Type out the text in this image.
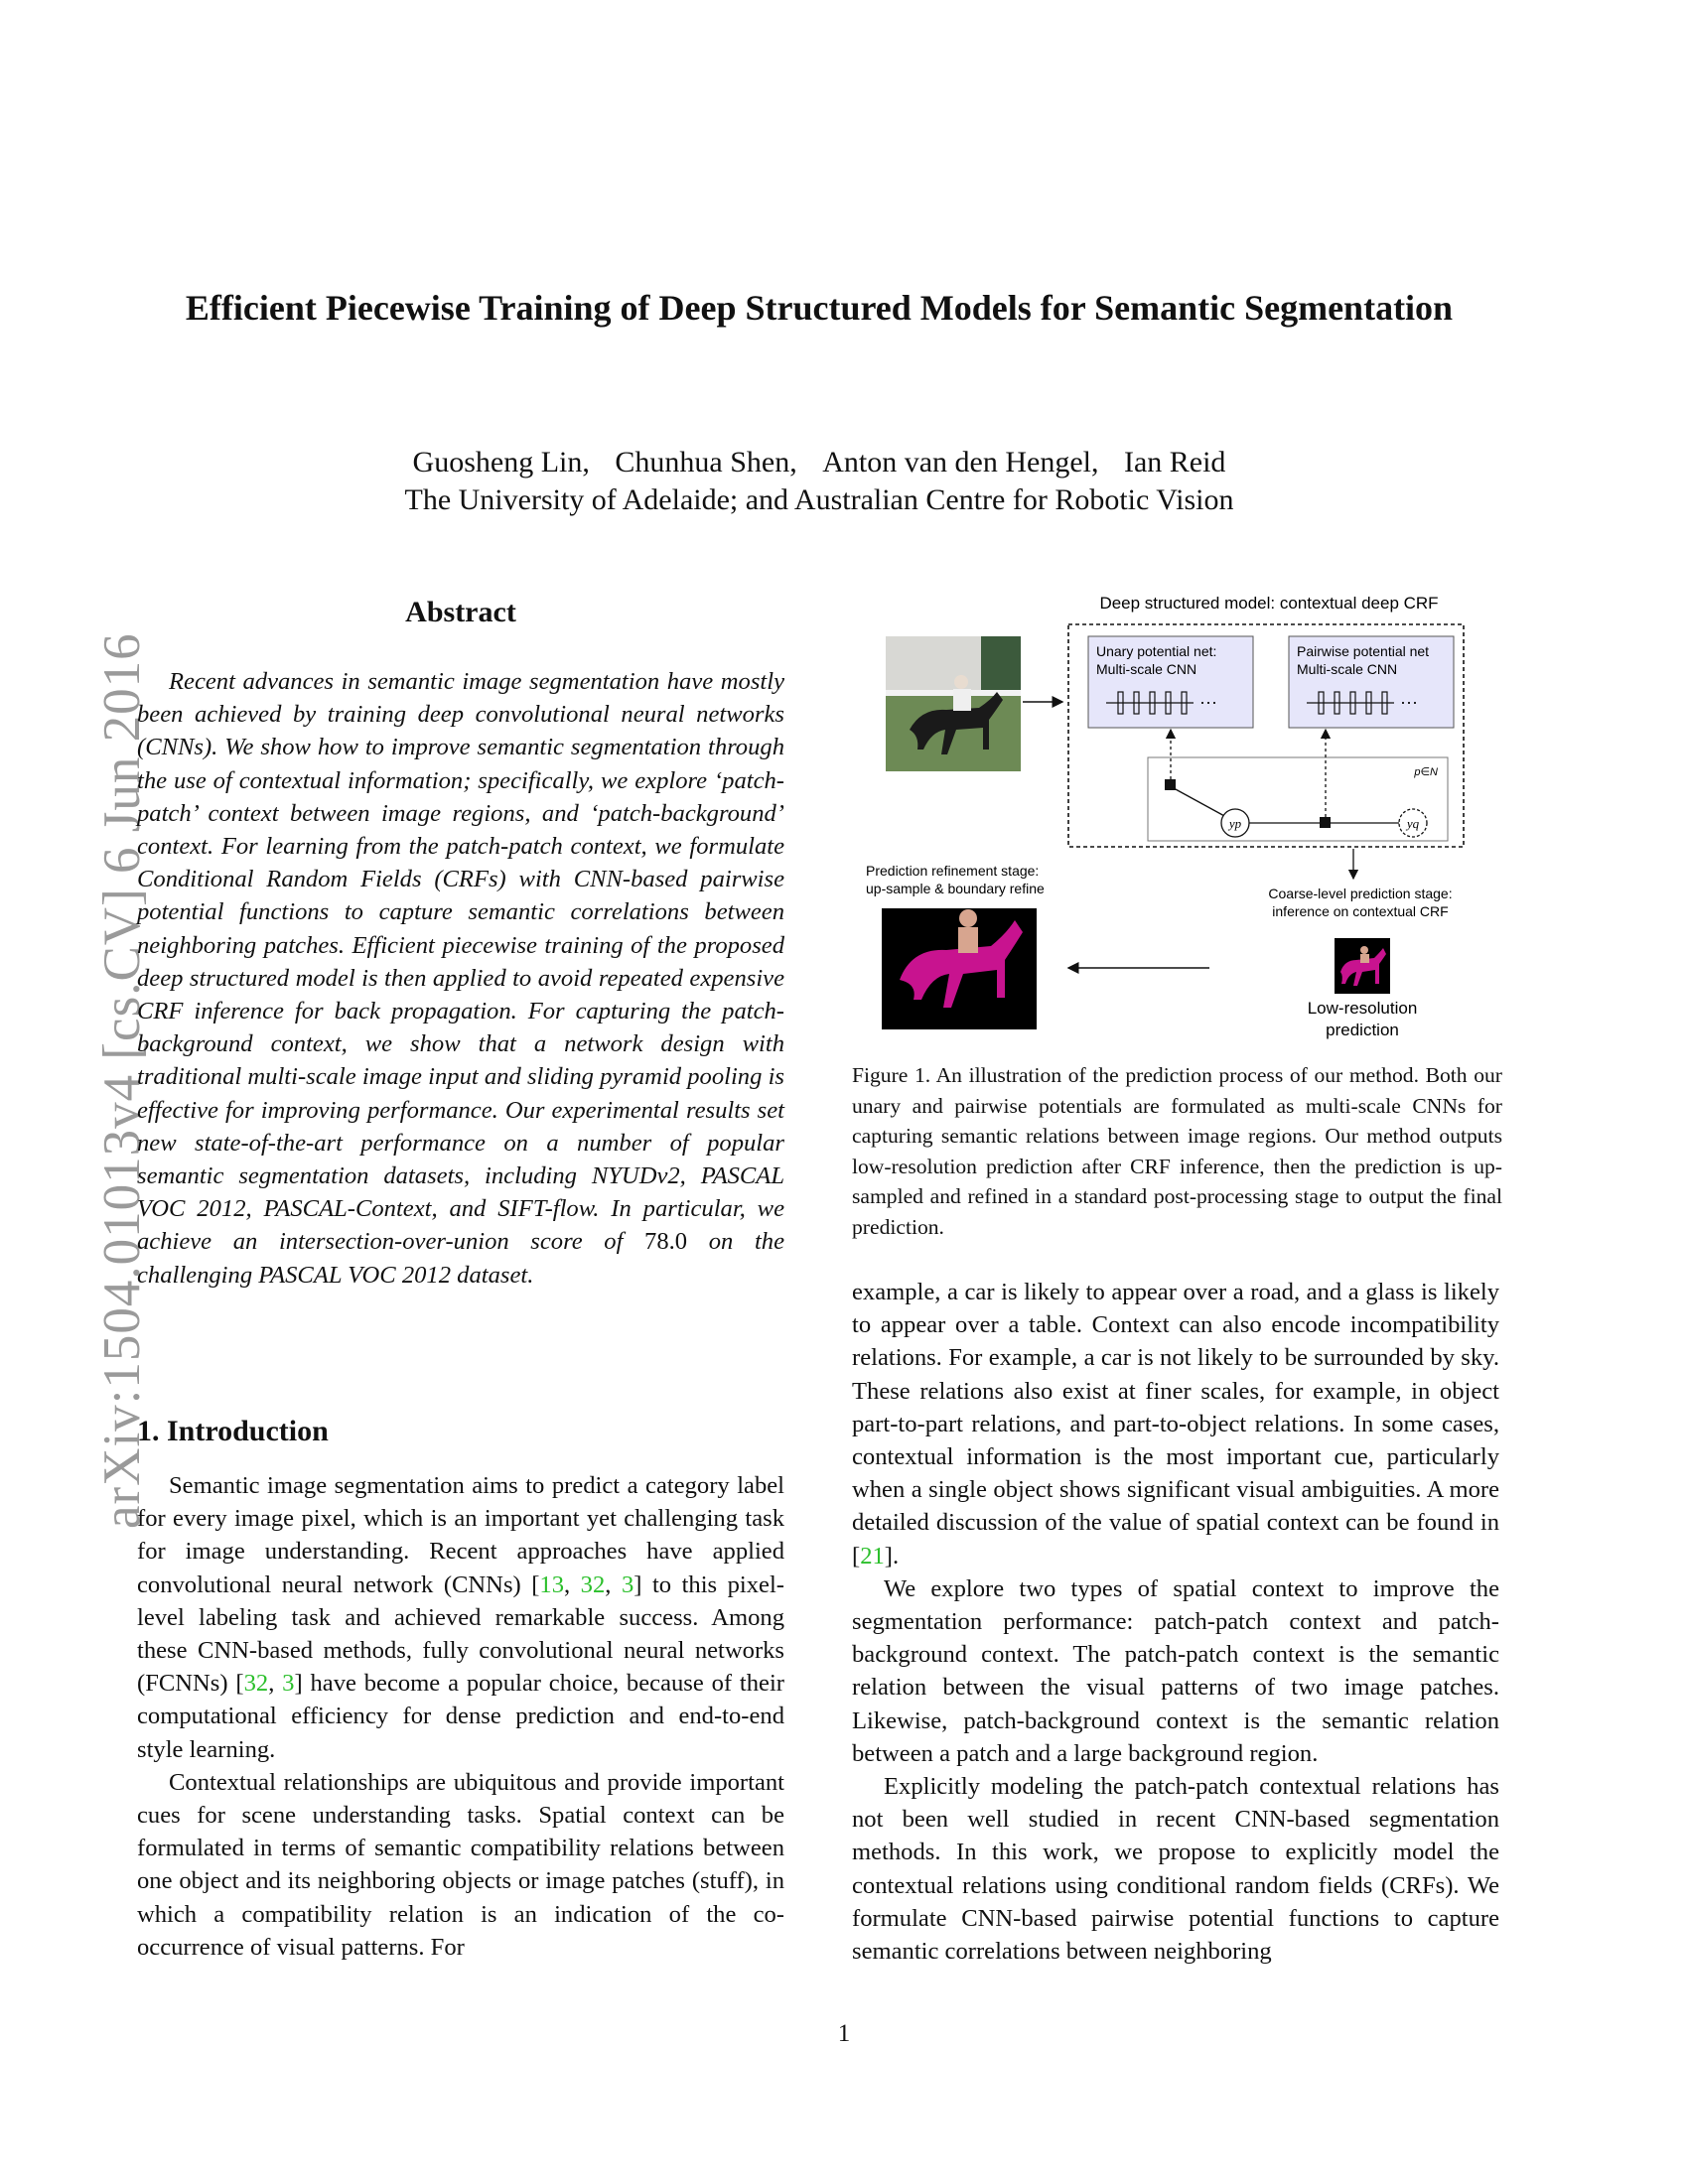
arXiv:1504.01013v4 [cs.CV] 6 Jun 2016
Efficient Piecewise Training of Deep Structured Models for Semantic Segmentation
Guosheng Lin, Chunhua Shen, Anton van den Hengel, Ian Reid
The University of Adelaide; and Australian Centre for Robotic Vision
Abstract

Recent advances in semantic image segmentation have mostly been achieved by training deep convolutional neural networks (CNNs). We show how to improve semantic segmentation through the use of contextual information; specifically, we explore ‘patch-patch’ context between image regions, and ‘patch-background’ context. For learning from the patch-patch context, we formulate Conditional Random Fields (CRFs) with CNN-based pairwise potential functions to capture semantic correlations between neighboring patches. Efficient piecewise training of the proposed deep structured model is then applied to avoid repeated expensive CRF inference for back propagation. For capturing the patch-background context, we show that a network design with traditional multi-scale image input and sliding pyramid pooling is effective for improving performance. Our experimental results set new state-of-the-art performance on a number of popular semantic segmentation datasets, including NYUDv2, PASCAL VOC 2012, PASCAL-Context, and SIFT-flow. In particular, we achieve an intersection-over-union score of 78.0 on the challenging PASCAL VOC 2012 dataset.

1. Introduction

Semantic image segmentation aims to predict a category label for every image pixel, which is an important yet challenging task for image understanding. Recent approaches have applied convolutional neural network (CNNs) [13, 32, 3] to this pixel-level labeling task and achieved remarkable success. Among these CNN-based methods, fully convolutional neural networks (FCNNs) [32, 3] have become a popular choice, because of their computational efficiency for dense prediction and end-to-end style learning.

Contextual relationships are ubiquitous and provide important cues for scene understanding tasks. Spatial context can be formulated in terms of semantic compatibility relations between one object and its neighboring objects or image patches (stuff), in which a compatibility relation is an indication of the co-occurrence of visual patterns. For

Deep structured model: contextual deep CRF
Unary potential net:
Multi-scale CNN
Pairwise potential net
Multi-scale CNN
···	···
p∈N
yp	yq
Prediction refinement stage:
up-sample & boundary refine	Coarse-level prediction stage:
inference on contextual CRF
Low-resolution
prediction
Figure 1. An illustration of the prediction process of our method. Both our unary and pairwise potentials are formulated as multi-scale CNNs for capturing semantic relations between image regions. Our method outputs low-resolution prediction after CRF inference, then the prediction is up-sampled and refined in a standard post-processing stage to output the final prediction.

example, a car is likely to appear over a road, and a glass is likely to appear over a table. Context can also encode incompatibility relations. For example, a car is not likely to be surrounded by sky. These relations also exist at finer scales, for example, in object part-to-part relations, and part-to-object relations. In some cases, contextual information is the most important cue, particularly when a single object shows significant visual ambiguities. A more detailed discussion of the value of spatial context can be found in [21].

We explore two types of spatial context to improve the segmentation performance: patch-patch context and patch-background context. The patch-patch context is the semantic relation between the visual patterns of two image patches. Likewise, patch-background context is the semantic relation between a patch and a large background region.

Explicitly modeling the patch-patch contextual relations has not been well studied in recent CNN-based segmentation methods. In this work, we propose to explicitly model the contextual relations using conditional random fields (CRFs). We formulate CNN-based pairwise potential functions to capture semantic correlations between neighboring

1
